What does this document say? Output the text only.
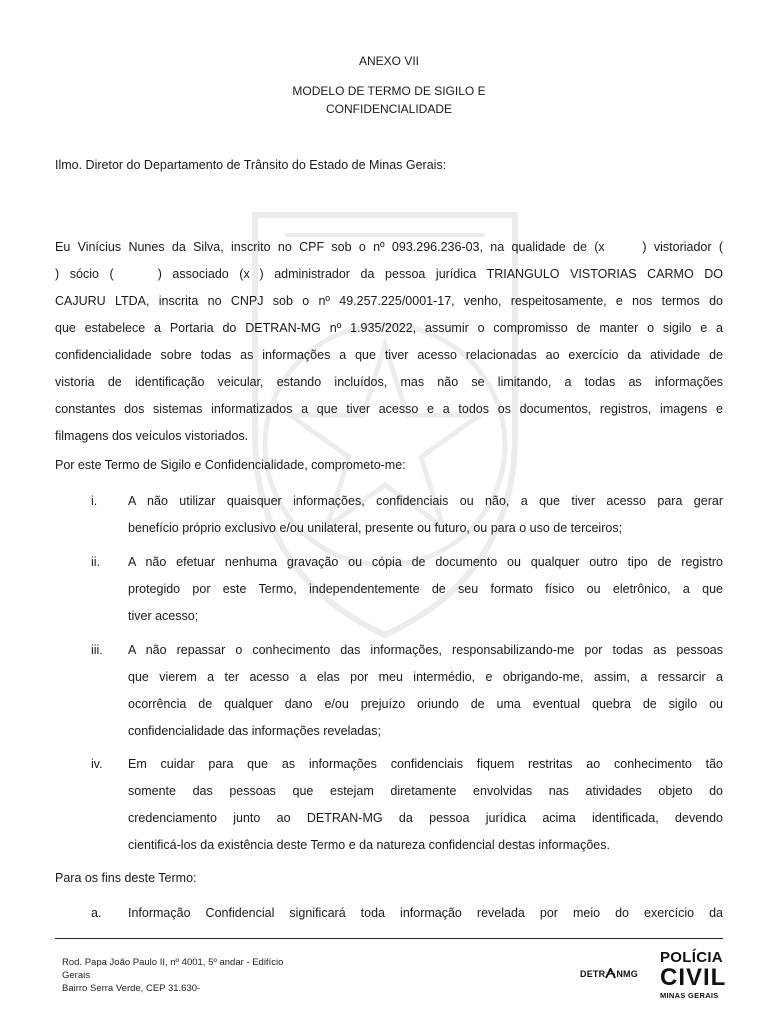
ANEXO VII
MODELO DE TERMO DE SIGILO E
CONFIDENCIALIDADE
Ilmo. Diretor do Departamento de Trânsito do Estado de Minas Gerais:
Eu Vinícius Nunes da Silva, inscrito no CPF sob o nº 093.296.236-03, na qualidade de (x	) vistoriador (
) sócio (	) associado (x ) administrador da pessoa jurídica TRIANGULO VISTORIAS CARMO DO
CAJURU LTDA, inscrita no CNPJ sob o nº 49.257.225/0001-17, venho, respeitosamente, e nos termos do
que estabelece a Portaria do DETRAN-MG nº 1.935/2022, assumir o compromisso de manter o sigilo e a
confidencialidade sobre todas as informações a que tiver acesso relacionadas ao exercício da atividade de
vistoria de identificação veicular, estando incluídos, mas não se limitando, a todas as informações
constantes dos sistemas informatizados a que tiver acesso e a todos os documentos, registros, imagens e
filmagens dos veículos vistoriados.
Por este Termo de Sigilo e Confidencialidade, comprometo-me:
i.	A não utilizar quaisquer informações, confidenciais ou não, a que tiver acesso para gerar
benefício próprio exclusivo e/ou unilateral, presente ou futuro, ou para o uso de terceiros;
ii.	A não efetuar nenhuma gravação ou cópia de documento ou qualquer outro tipo de registro
protegido por este Termo, independentemente de seu formato físico ou eletrônico, a que
tiver acesso;
iii.	A não repassar o conhecimento das informações, responsabilizando-me por todas as pessoas
que vierem a ter acesso a elas por meu intermédio, e obrigando-me, assim, a ressarcir a
ocorrência de qualquer dano e/ou prejuízo oriundo de uma eventual quebra de sigilo ou
confidencialidade das informações reveladas;
iv.	Em cuidar para que as informações confidenciais fiquem restritas ao conhecimento tão
somente das pessoas que estejam diretamente envolvidas nas atividades objeto do
credenciamento junto ao DETRAN-MG da pessoa jurídica acima identificada, devendo
cientificá-los da existência deste Termo e da natureza confidencial destas informações.
Para os fins deste Termo:
a.	Informação Confidencial significará toda informação revelada por meio do exercício da
Rod. Papa João Paulo II, nº 4001, 5º andar - Edifício
Gerais
Bairro Serra Verde, CEP 31.630-
DETR NMG
POLÍCIA
CIVIL
MINAS GERAIS
